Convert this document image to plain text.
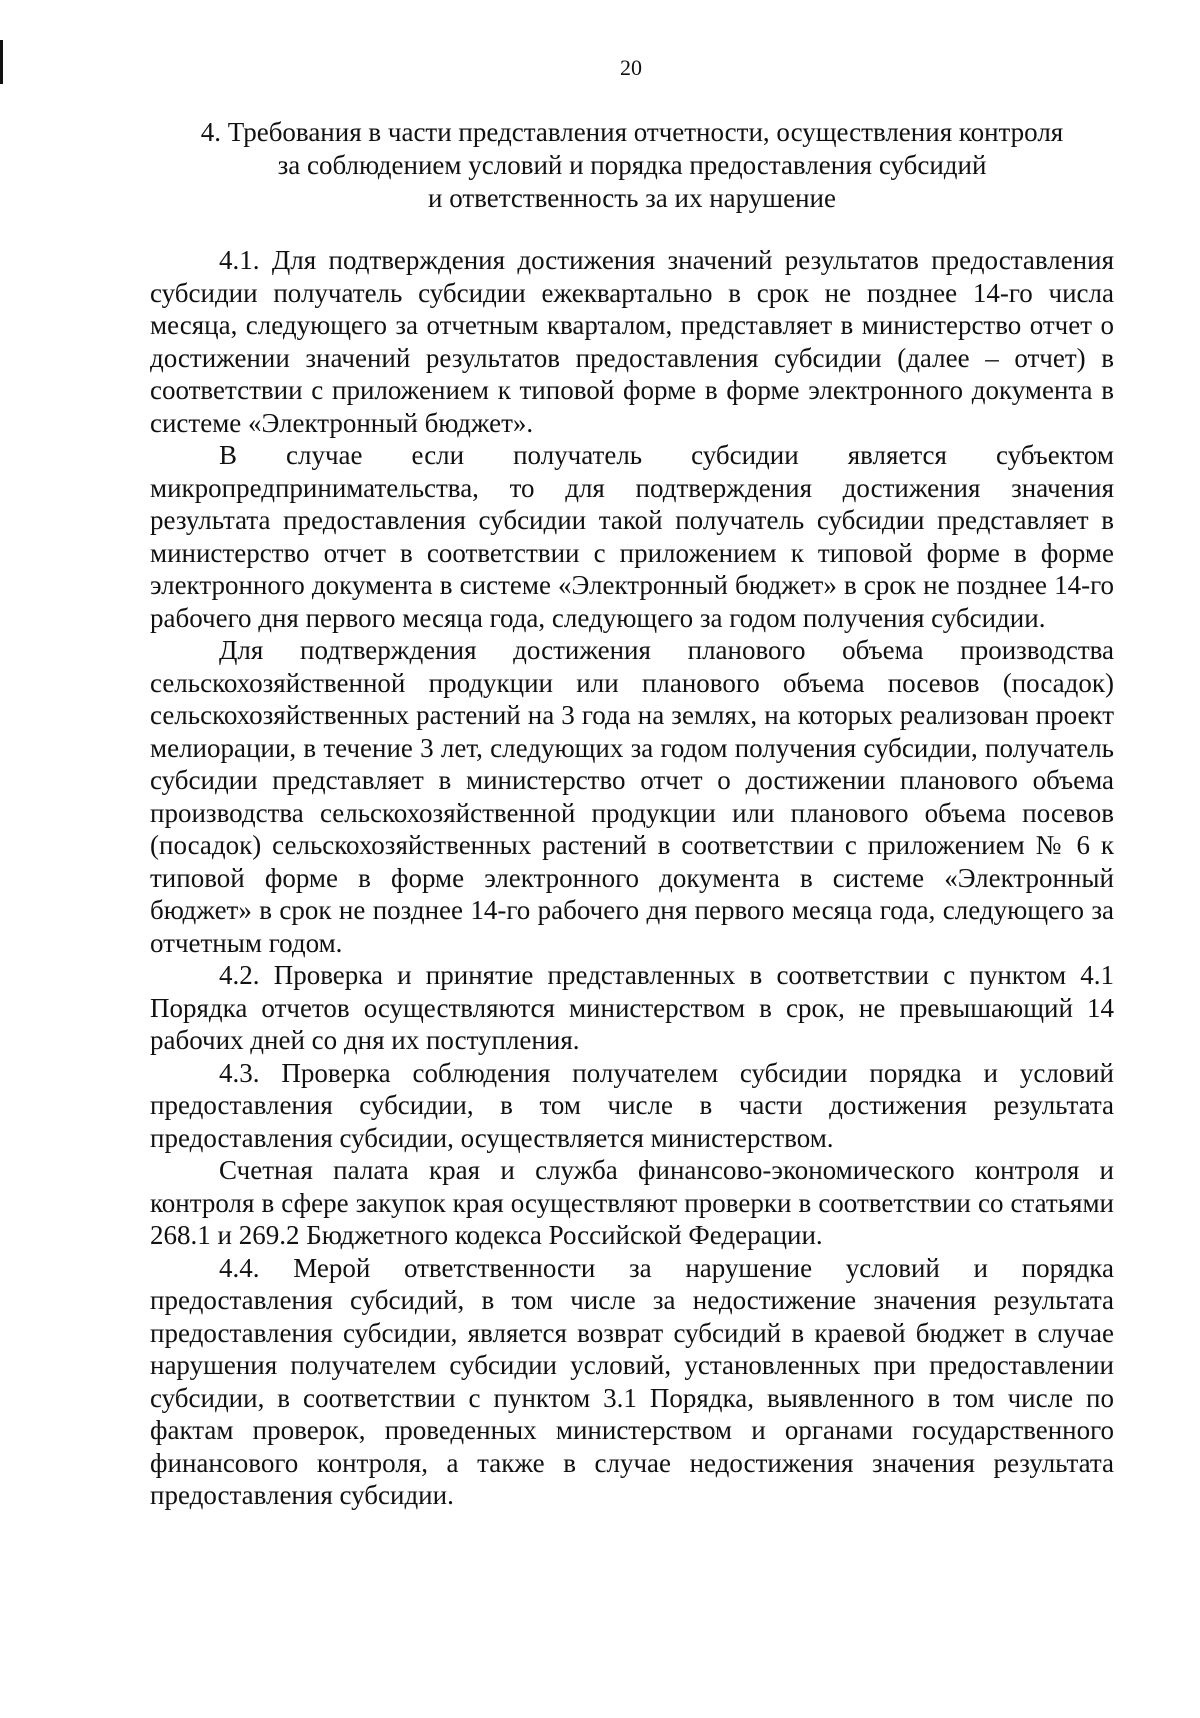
20
4. Требования в части представления отчетности, осуществления контроля
за соблюдением условий и порядка предоставления субсидий
и ответственность за их нарушение

4.1. Для подтверждения достижения значений результатов предоставления субсидии получатель субсидии ежеквартально в срок не позднее 14-го числа месяца, следующего за отчетным кварталом, представляет в министерство отчет о достижении значений результатов предоставления субсидии (далее – отчет) в соответствии с приложением к типовой форме в форме электронного документа в системе «Электронный бюджет».

В случае если получатель субсидии является субъектом микропредпринимательства, то для подтверждения достижения значения результата предоставления субсидии такой получатель субсидии представляет в министерство отчет в соответствии с приложением к типовой форме в форме электронного документа в системе «Электронный бюджет» в срок не позднее 14-го рабочего дня первого месяца года, следующего за годом получения субсидии.

Для подтверждения достижения планового объема производства сельскохозяйственной продукции или планового объема посевов (посадок) сельскохозяйственных растений на 3 года на землях, на которых реализован проект мелиорации, в течение 3 лет, следующих за годом получения субсидии, получатель субсидии представляет в министерство отчет о достижении планового объема производства сельскохозяйственной продукции или планового объема посевов (посадок) сельскохозяйственных растений в соответствии с приложением № 6 к типовой форме в форме электронного документа в системе «Электронный бюджет» в срок не позднее 14-го рабочего дня первого месяца года, следующего за отчетным годом.

4.2. Проверка и принятие представленных в соответствии с пунктом 4.1 Порядка отчетов осуществляются министерством в срок, не превышающий 14 рабочих дней со дня их поступления.

4.3. Проверка соблюдения получателем субсидии порядка и условий предоставления субсидии, в том числе в части достижения результата предоставления субсидии, осуществляется министерством.

Счетная палата края и служба финансово-экономического контроля и контроля в сфере закупок края осуществляют проверки в соответствии со статьями 268.1 и 269.2 Бюджетного кодекса Российской Федерации.

4.4. Мерой ответственности за нарушение условий и порядка предоставления субсидий, в том числе за недостижение значения результата предоставления субсидии, является возврат субсидий в краевой бюджет в случае нарушения получателем субсидии условий, установленных при предоставлении субсидии, в соответствии с пунктом 3.1 Порядка, выявленного в том числе по фактам проверок, проведенных министерством и органами государственного финансового контроля, а также в случае недостижения значения результата предоставления субсидии.
